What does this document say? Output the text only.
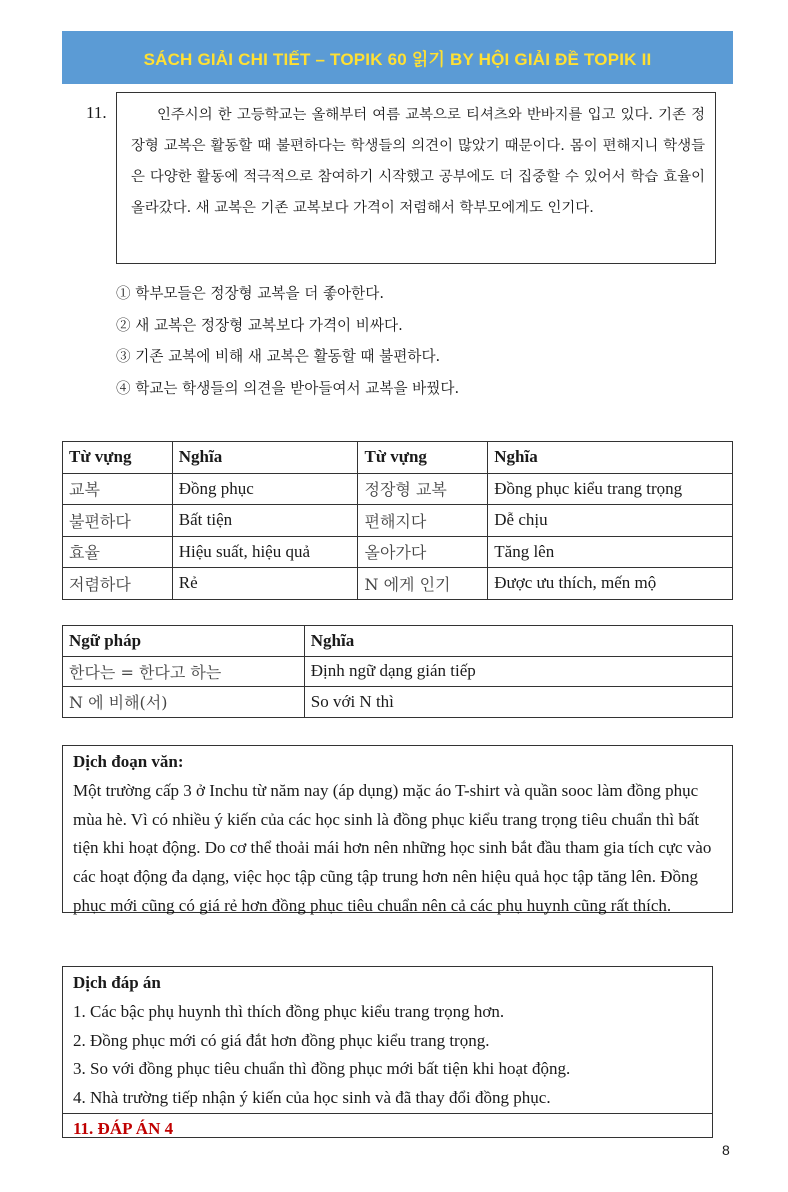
SÁCH GIẢI CHI TIẾT – TOPIK 60 읽기 BY HỘI GIẢI ĐỀ TOPIK II
11.	인주시의 한 고등학교는 올해부터 여름 교복으로 티셔츠와 반바지를 입고 있다. 기존 정장형 교복은 활동할 때 불편하다는 학생들의 의견이 많았기 때문이다. 몸이 편해지니 학생들은 다양한 활동에 적극적으로 참여하기 시작했고 공부에도 더 집중할 수 있어서 학습 효율이 올라갔다. 새 교복은 기존 교복보다 가격이 저렴해서 학부모에게도 인기다.
① 학부모들은 정장형 교복을 더 좋아한다.
② 새 교복은 정장형 교복보다 가격이 비싸다.
③ 기존 교복에 비해 새 교복은 활동할 때 불편하다.
④ 학교는 학생들의 의견을 받아들여서 교복을 바꿨다.
Từ vựng	Nghĩa	Từ vựng	Nghĩa
교복	Đồng phục	정장형 교복	Đồng phục kiểu trang trọng
불편하다	Bất tiện	편해지다	Dễ chịu
효율	Hiệu suất, hiệu quả	올아가다	Tăng lên
저렴하다	Rẻ	N 에게 인기	Được ưu thích, mến mộ
Ngữ pháp	Nghĩa
한다는 = 한다고 하는	Định ngữ dạng gián tiếp
N 에 비해(서)	So với N thì
Dịch đoạn văn:
Một trường cấp 3 ở Inchu từ năm nay (áp dụng) mặc áo T-shirt và quần sooc làm đồng phục mùa hè. Vì có nhiều ý kiến của các học sinh là đồng phục kiểu trang trọng tiêu chuẩn thì bất tiện khi hoạt động. Do cơ thể thoải mái hơn nên những học sinh bắt đầu tham gia tích cực vào các hoạt động đa dạng, việc học tập cũng tập trung hơn nên hiệu quả học tập tăng lên. Đồng phục mới cũng có giá rẻ hơn đồng phục tiêu chuẩn nên cả các phụ huynh cũng rất thích.
Dịch đáp án
1. Các bậc phụ huynh thì thích đồng phục kiểu trang trọng hơn.
2. Đồng phục mới có giá đắt hơn đồng phục kiểu trang trọng.
3. So với đồng phục tiêu chuẩn thì đồng phục mới bất tiện khi hoạt động.
4. Nhà trường tiếp nhận ý kiến của học sinh và đã thay đổi đồng phục.
11. ĐÁP ÁN 4
8
